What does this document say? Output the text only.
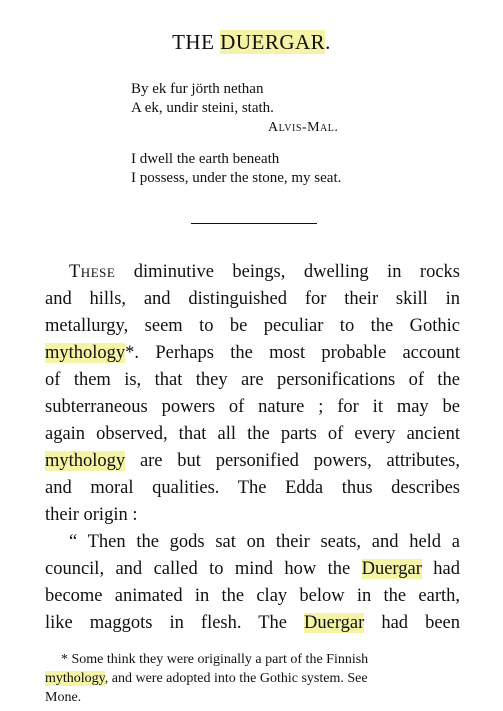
THE DUERGAR.
By ek fur jörth nethan
A ek, undir steini, stath.
Alvis-Mal.
I dwell the earth beneath
I possess, under the stone, my seat.
These diminutive beings, dwelling in rocks
and hills, and distinguished for their skill in
metallurgy, seem to be peculiar to the Gothic
mythology*. Perhaps the most probable account
of them is, that they are personifications of the
subterraneous powers of nature ; for it may be
again observed, that all the parts of every ancient
mythology are but personified powers, attributes,
and moral qualities. The Edda thus describes
their origin :
“ Then the gods sat on their seats, and held a
council, and called to mind how the Duergar had
become animated in the clay below in the earth,
like maggots in flesh. The Duergar had been
* Some think they were originally a part of the Finnish
mythology, and were adopted into the Gothic system. See
Mone.
